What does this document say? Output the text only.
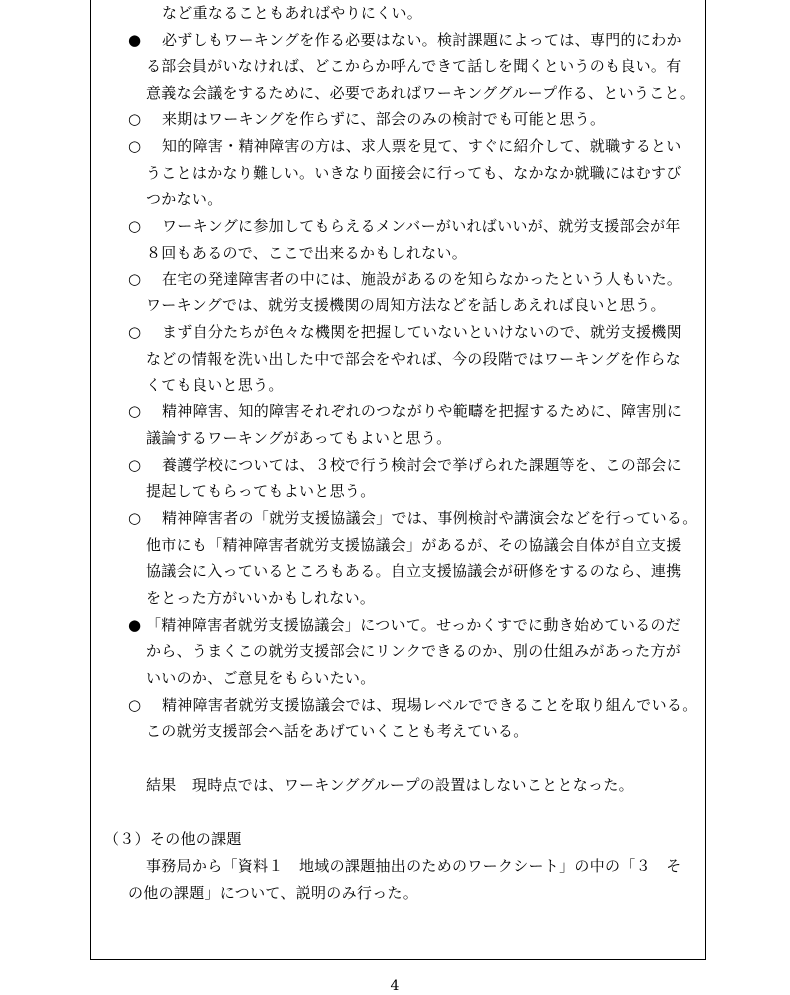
●
○
○
○
○
○
○
○
○
●
○
など重なることもあればやりにくい。
必ずしもワーキングを作る必要はない。検討課題によっては、専門的にわか
る部会員がいなければ、どこからか呼んできて話しを聞くというのも良い。有
意義な会議をするために、必要であればワーキンググループ作る、ということ。
来期はワーキングを作らずに、部会のみの検討でも可能と思う。
知的障害・精神障害の方は、求人票を見て、すぐに紹介して、就職するとい
うことはかなり難しい。いきなり面接会に行っても、なかなか就職にはむすび
つかない。
ワーキングに参加してもらえるメンバーがいればいいが、就労支援部会が年
８回もあるので、ここで出来るかもしれない。
在宅の発達障害者の中には、施設があるのを知らなかったという人もいた。
ワーキングでは、就労支援機関の周知方法などを話しあえれば良いと思う。
まず自分たちが色々な機関を把握していないといけないので、就労支援機関
などの情報を洗い出した中で部会をやれば、今の段階ではワーキングを作らな
くても良いと思う。
精神障害、知的障害それぞれのつながりや範疇を把握するために、障害別に
議論するワーキングがあってもよいと思う。
養護学校については、３校で行う検討会で挙げられた課題等を、この部会に
提起してもらってもよいと思う。
精神障害者の「就労支援協議会」では、事例検討や講演会などを行っている。
他市にも「精神障害者就労支援協議会」があるが、その協議会自体が自立支援
協議会に入っているところもある。自立支援協議会が研修をするのなら、連携
をとった方がいいかもしれない。
「精神障害者就労支援協議会」について。せっかくすでに動き始めているのだ
から、うまくこの就労支援部会にリンクできるのか、別の仕組みがあった方が
いいのか、ご意見をもらいたい。
精神障害者就労支援協議会では、現場レベルでできることを取り組んでいる。
この就労支援部会へ話をあげていくことも考えている。
結果　現時点では、ワーキンググループの設置はしないこととなった。
（３）その他の課題
事務局から「資料１　地域の課題抽出のためのワークシート」の中の「３　そ
の他の課題」について、説明のみ行った。
4
